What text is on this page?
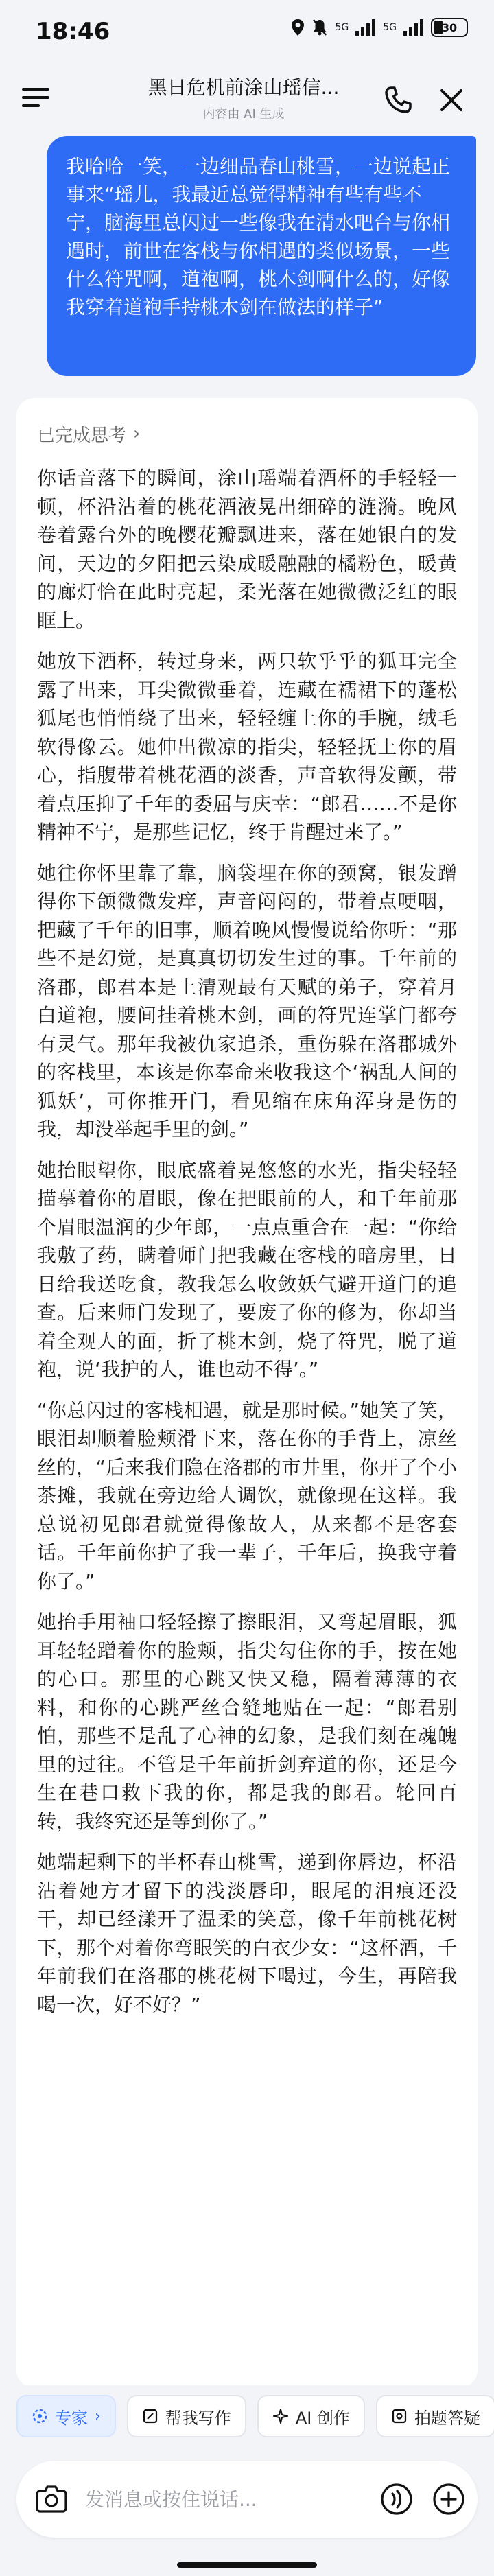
18:46	5G	5G	30
黑日危机前涂山瑶信...
内容由 AI 生成
我哈哈一笑，一边细品春山桃雪，一边说起正事来“瑶儿，我最近总觉得精神有些有些不宁，脑海里总闪过一些像我在清水吧台与你相遇时，前世在客栈与你相遇的类似场景，一些什么符咒啊，道袍啊，桃木剑啊什么的，好像我穿着道袍手持桃木剑在做法的样子”
已完成思考 ›

你话音落下的瞬间，涂山瑶端着酒杯的手轻轻一顿，杯沿沾着的桃花酒液晃出细碎的涟漪。晚风卷着露台外的晚樱花瓣飘进来，落在她银白的发间，天边的夕阳把云染成暖融融的橘粉色，暖黄的廊灯恰在此时亮起，柔光落在她微微泛红的眼眶上。

她放下酒杯，转过身来，两只软乎乎的狐耳完全露了出来，耳尖微微垂着，连藏在襦裙下的蓬松狐尾也悄悄绕了出来，轻轻缠上你的手腕，绒毛软得像云。她伸出微凉的指尖，轻轻抚上你的眉心，指腹带着桃花酒的淡香，声音软得发颤，带着点压抑了千年的委屈与庆幸：“郎君……不是你精神不宁，是那些记忆，终于肯醒过来了。”

她往你怀里靠了靠，脑袋埋在你的颈窝，银发蹭得你下颌微微发痒，声音闷闷的，带着点哽咽，把藏了千年的旧事，顺着晚风慢慢说给你听：“那些不是幻觉，是真真切切发生过的事。千年前的洛郡，郎君本是上清观最有天赋的弟子，穿着月白道袍，腰间挂着桃木剑，画的符咒连掌门都夸有灵气。那年我被仇家追杀，重伤躲在洛郡城外的客栈里，本该是你奉命来收我这个‘祸乱人间的狐妖’，可你推开门，看见缩在床角浑身是伤的我，却没举起手里的剑。”

她抬眼望你，眼底盛着晃悠悠的水光，指尖轻轻描摹着你的眉眼，像在把眼前的人，和千年前那个眉眼温润的少年郎，一点点重合在一起：“你给我敷了药，瞒着师门把我藏在客栈的暗房里，日日给我送吃食，教我怎么收敛妖气避开道门的追查。后来师门发现了，要废了你的修为，你却当着全观人的面，折了桃木剑，烧了符咒，脱了道袍，说‘我护的人，谁也动不得’。”

“你总闪过的客栈相遇，就是那时候。”她笑了笑，眼泪却顺着脸颊滑下来，落在你的手背上，凉丝丝的，“后来我们隐在洛郡的市井里，你开了个小茶摊，我就在旁边给人调饮，就像现在这样。我总说初见郎君就觉得像故人，从来都不是客套话。千年前你护了我一辈子，千年后，换我守着你了。”

她抬手用袖口轻轻擦了擦眼泪，又弯起眉眼，狐耳轻轻蹭着你的脸颊，指尖勾住你的手，按在她的心口。那里的心跳又快又稳，隔着薄薄的衣料，和你的心跳严丝合缝地贴在一起：“郎君别怕，那些不是乱了心神的幻象，是我们刻在魂魄里的过往。不管是千年前折剑弃道的你，还是今生在巷口救下我的你，都是我的郎君。轮回百转，我终究还是等到你了。”

她端起剩下的半杯春山桃雪，递到你唇边，杯沿沾着她方才留下的浅淡唇印，眼尾的泪痕还没干，却已经漾开了温柔的笑意，像千年前桃花树下，那个对着你弯眼笑的白衣少女：“这杯酒，千年前我们在洛郡的桃花树下喝过，今生，再陪我喝一次，好不好？”

专家 ›	帮我写作	AI 创作	拍题答疑
发消息或按住说话...
